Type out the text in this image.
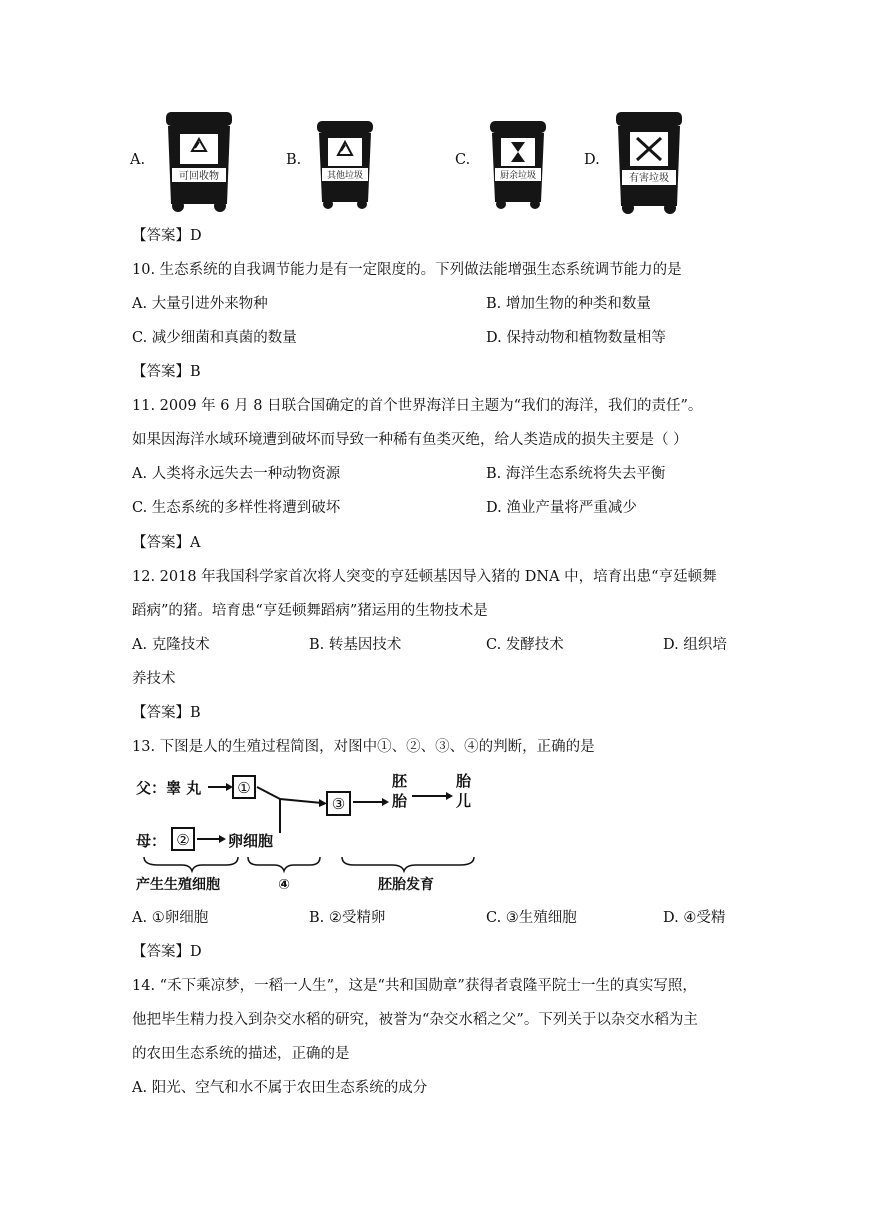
A.
可回收物
B.
其他垃圾
C.
厨余垃圾
D.
有害垃圾
【答案】D
10. 生态系统的自我调节能力是有一定限度的。下列做法能增强生态系统调节能力的是
A. 大量引进外来物种	B. 增加生物的种类和数量
C. 减少细菌和真菌的数量	D. 保持动物和植物数量相等
【答案】B
11. 2009 年 6 月 8 日联合国确定的首个世界海洋日主题为“我们的海洋，我们的责任”。
如果因海洋水域环境遭到破坏而导致一种稀有鱼类灭绝，给人类造成的损失主要是（ ）
A. 人类将永远失去一种动物资源	B. 海洋生态系统将失去平衡
C. 生态系统的多样性将遭到破坏	D. 渔业产量将严重减少
【答案】A
12. 2018 年我国科学家首次将人突变的亨廷顿基因导入猪的 DNA 中，培育出患“亨廷顿舞
蹈病”的猪。培育患“亨廷顿舞蹈病”猪运用的生物技术是
A. 克隆技术	B. 转基因技术	C. 发酵技术	D. 组织培
养技术
【答案】B
13. 下图是人的生殖过程简图，对图中①、②、③、④的判断，正确的是
父：睾 丸
母：	卵细胞
胚
胎
胎
儿
①
②
③
产生生殖细胞	④	胚胎发育
A. ①卵细胞	B. ②受精卵	C. ③生殖细胞	D. ④受精
【答案】D
14. “禾下乘凉梦，一稻一人生”，这是“共和国勋章”获得者袁隆平院士一生的真实写照，
他把毕生精力投入到杂交水稻的研究，被誉为“杂交水稻之父”。下列关于以杂交水稻为主
的农田生态系统的描述，正确的是
A. 阳光、空气和水不属于农田生态系统的成分
